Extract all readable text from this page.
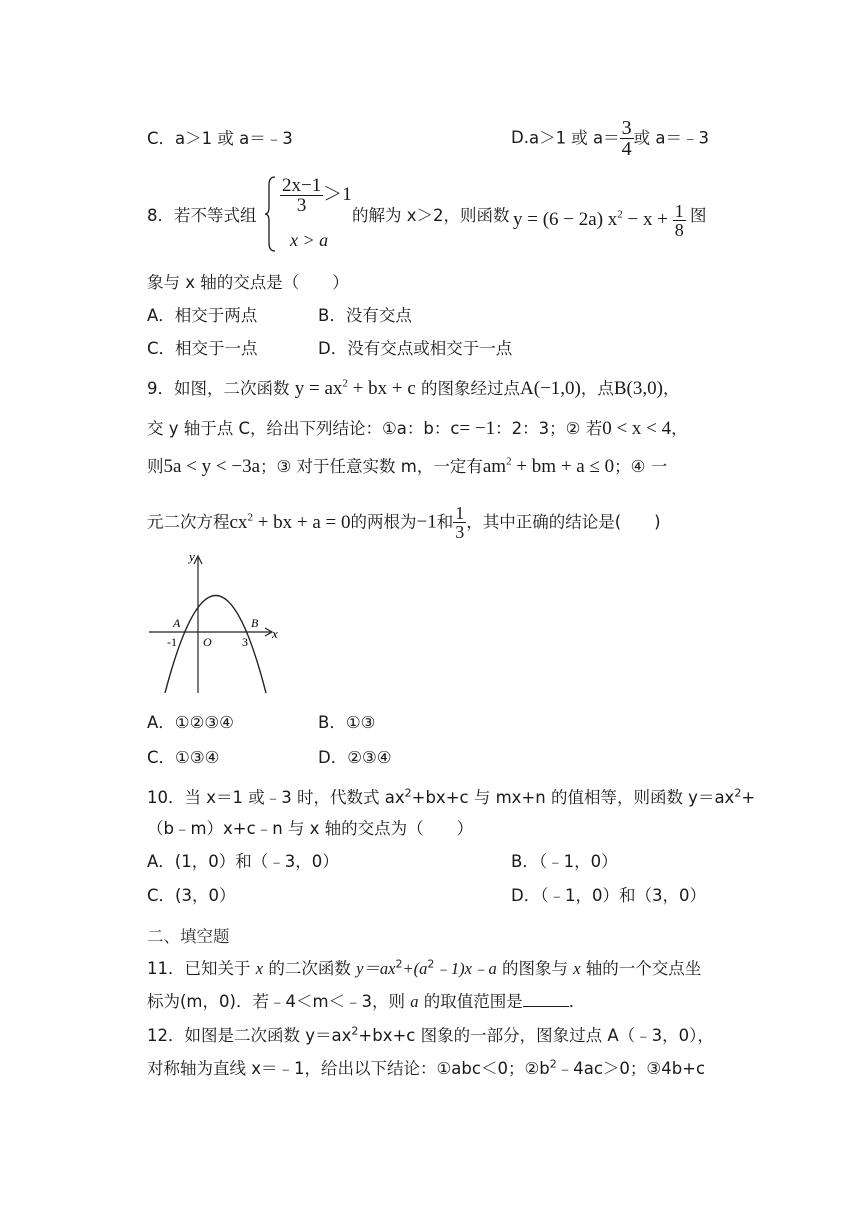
C．a＞1 或 a＝﹣3	D.a＞1 或 $a= \frac{3}{4}$ 或 a＝﹣3
8．若不等式组
$\frac{2x-1}{3} >1$
x > a
的解为 x＞2，则函数 y = (6 − 2a) $x^2 - x + \frac{1}{8}$ 图
象与 x 轴的交点是（　　）
A．相交于两点	B．没有交点
C．相交于一点	D．没有交点或相交于一点
9．如图，二次函数 $y = ax^2$ + bx + c 的图象经过点A(−1,0)，点B(3,0)，
交 y 轴于点 C，给出下列结论：①a：b：c= −1：2：3；② 若0 < x < 4，
则5a < y < −3a；③ 对于任意实数 m，一定有$am^2$ + bm + a ≤ 0；④ 一
元二次方程$cx^2$ + bx + a = 0的两根为−1和 $\frac{1}{3}$ ，其中正确的结论是(　　)
y
x
A	B
O
-1	3
A．①②③④	B．①③
C．①③④	D．②③④
10．当 x＝1 或﹣3 时，代数式 $ax^2+bx+c$ 与 mx+n 的值相等，则函数 $y=ax^2+$
（b﹣m）x+c﹣n 与 x 轴的交点为（　　）
A．(1，0）和（﹣3，0）	B．（﹣1，0）
C．(3，0）	D．（﹣1，0）和（3，0）
二、填空题
11．已知关于 x 的二次函数 $y=ax^2+(a^2﹣1)x﹣a$ 的图象与 x 轴的一个交点坐
标为(m，0)．若﹣4＜m＜﹣3，则 a 的取值范围是	．
12．如图是二次函数 $y=ax^2+bx+c$ 图象的一部分，图象过点 A（﹣3，0），
对称轴为直线 x＝﹣1，给出以下结论：①abc＜0；$②b^2﹣4ac>0$；③4b+c
